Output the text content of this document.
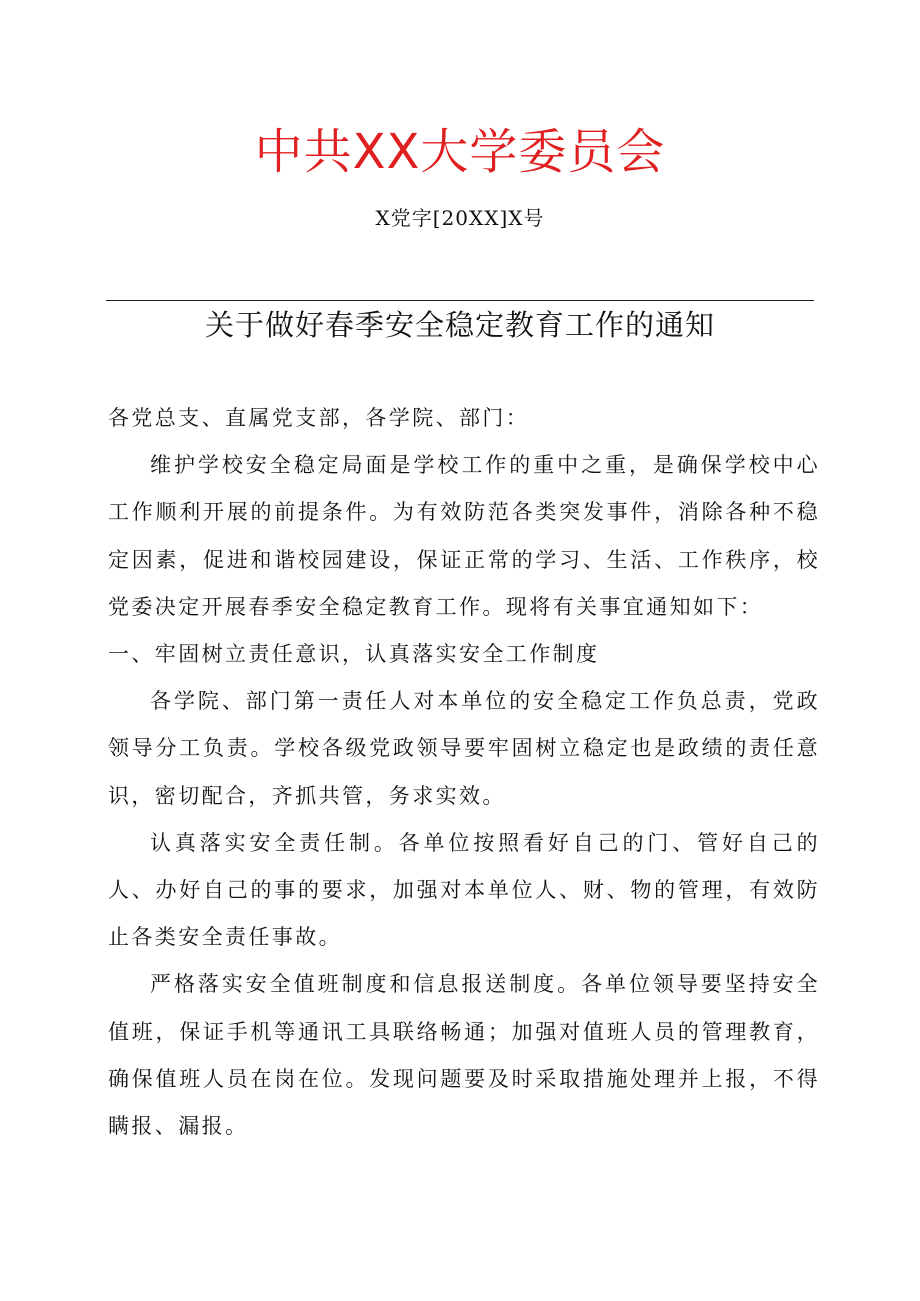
中共XX大学委员会
X党字[20XX]X号
关于做好春季安全稳定教育工作的通知

各党总支、直属党支部，各学院、部门：

维护学校安全稳定局面是学校工作的重中之重，是确保学校中心工作顺利开展的前提条件。为有效防范各类突发事件，消除各种不稳定因素，促进和谐校园建设，保证正常的学习、生活、工作秩序，校党委决定开展春季安全稳定教育工作。现将有关事宜通知如下：

一、牢固树立责任意识，认真落实安全工作制度

各学院、部门第一责任人对本单位的安全稳定工作负总责，党政领导分工负责。学校各级党政领导要牢固树立稳定也是政绩的责任意识，密切配合，齐抓共管，务求实效。

认真落实安全责任制。各单位按照看好自己的门、管好自己的人、办好自己的事的要求，加强对本单位人、财、物的管理，有效防止各类安全责任事故。

严格落实安全值班制度和信息报送制度。各单位领导要坚持安全值班，保证手机等通讯工具联络畅通；加强对值班人员的管理教育，确保值班人员在岗在位。发现问题要及时采取措施处理并上报，不得瞒报、漏报。
